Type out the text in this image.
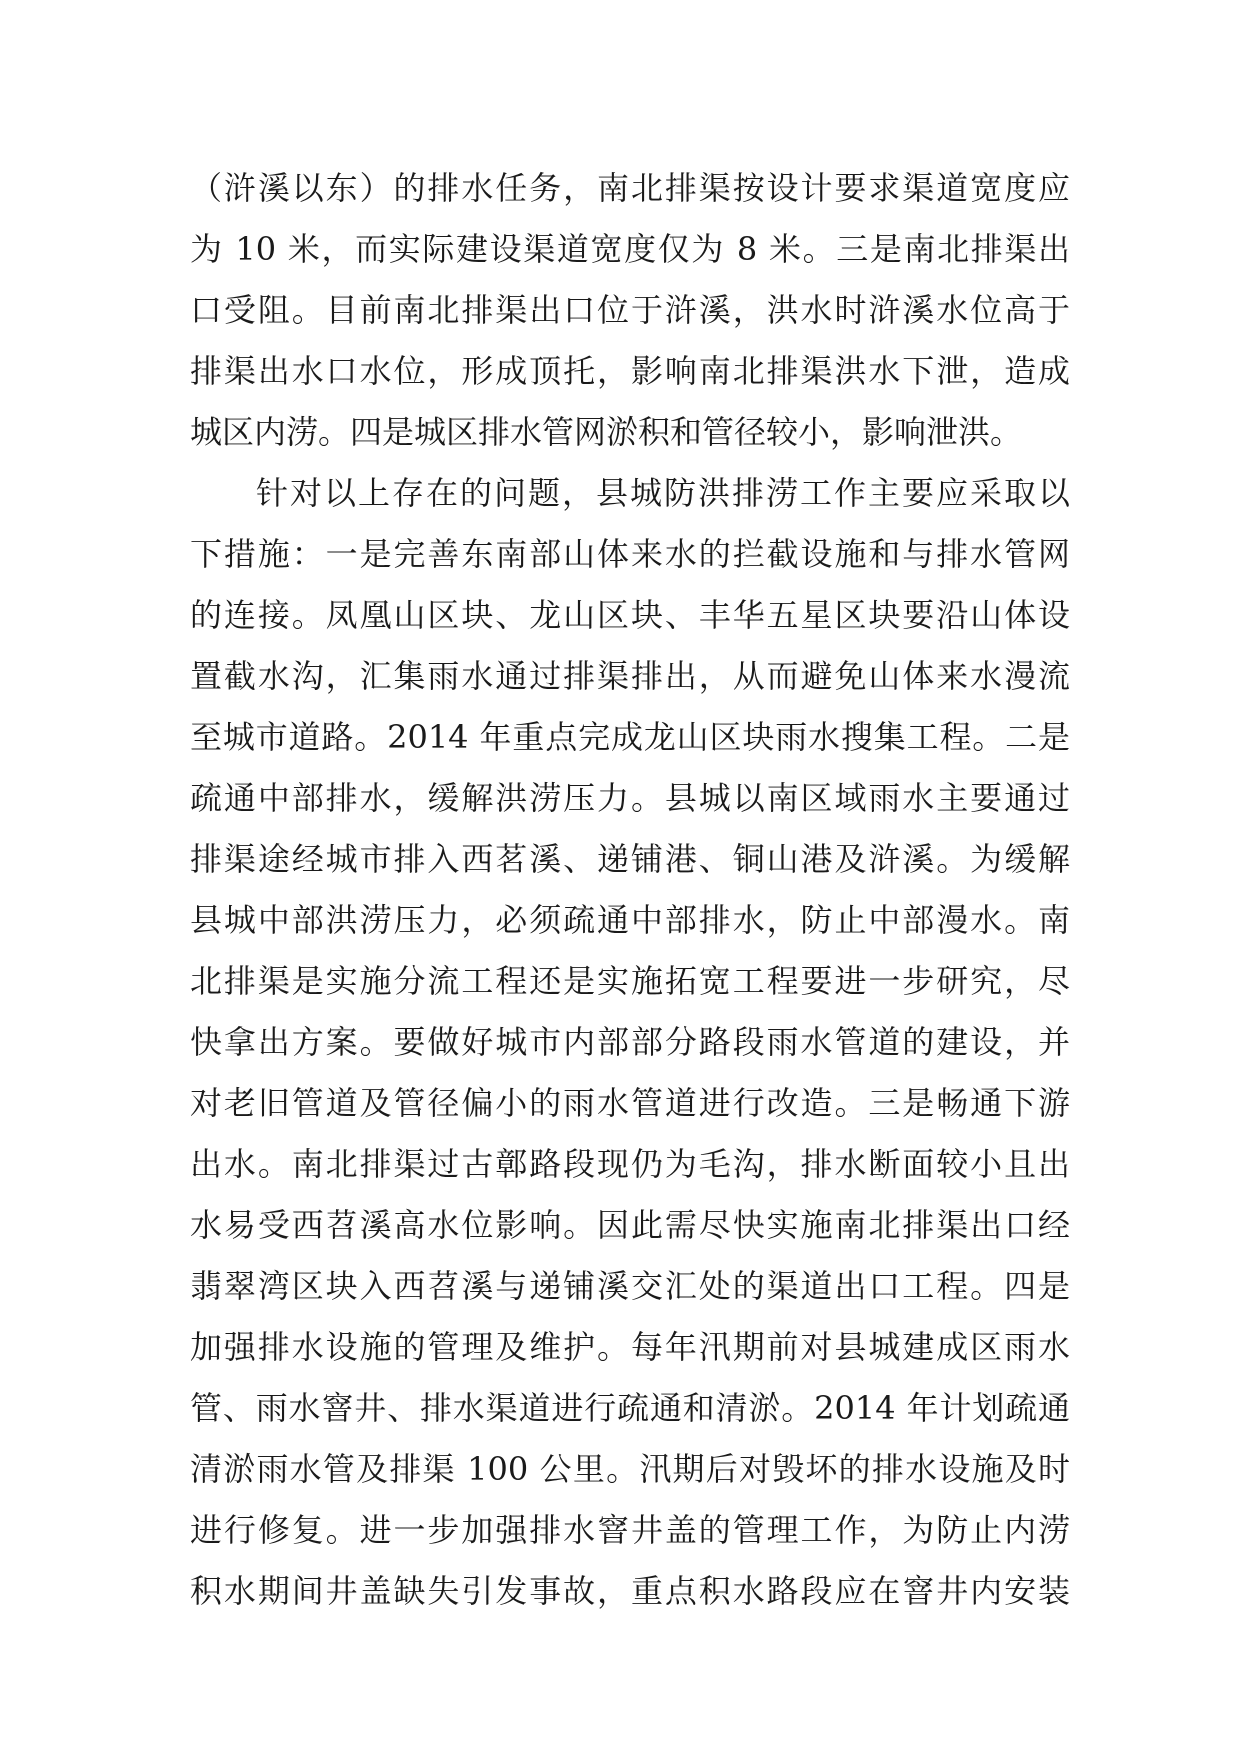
（浒溪以东）的排水任务，南北排渠按设计要求渠道宽度应
为 10 米，而实际建设渠道宽度仅为 8 米。三是南北排渠出
口受阻。目前南北排渠出口位于浒溪，洪水时浒溪水位高于
排渠出水口水位，形成顶托，影响南北排渠洪水下泄，造成
城区内涝。四是城区排水管网淤积和管径较小，影响泄洪。
针对以上存在的问题，县城防洪排涝工作主要应采取以
下措施：一是完善东南部山体来水的拦截设施和与排水管网
的连接。凤凰山区块、龙山区块、丰华五星区块要沿山体设
置截水沟，汇集雨水通过排渠排出，从而避免山体来水漫流
至城市道路。2014 年重点完成龙山区块雨水搜集工程。二是
疏通中部排水，缓解洪涝压力。县城以南区域雨水主要通过
排渠途经城市排入西茗溪、递铺港、铜山港及浒溪。为缓解
县城中部洪涝压力，必须疏通中部排水，防止中部漫水。南
北排渠是实施分流工程还是实施拓宽工程要进一步研究，尽
快拿出方案。要做好城市内部部分路段雨水管道的建设，并
对老旧管道及管径偏小的雨水管道进行改造。三是畅通下游
出水。南北排渠过古鄣路段现仍为毛沟，排水断面较小且出
水易受西苕溪高水位影响。因此需尽快实施南北排渠出口经
翡翠湾区块入西苕溪与递铺溪交汇处的渠道出口工程。四是
加强排水设施的管理及维护。每年汛期前对县城建成区雨水
管、雨水窨井、排水渠道进行疏通和清淤。2014 年计划疏通
清淤雨水管及排渠 100 公里。汛期后对毁坏的排水设施及时
进行修复。进一步加强排水窨井盖的管理工作，为防止内涝
积水期间井盖缺失引发事故，重点积水路段应在窨井内安装
